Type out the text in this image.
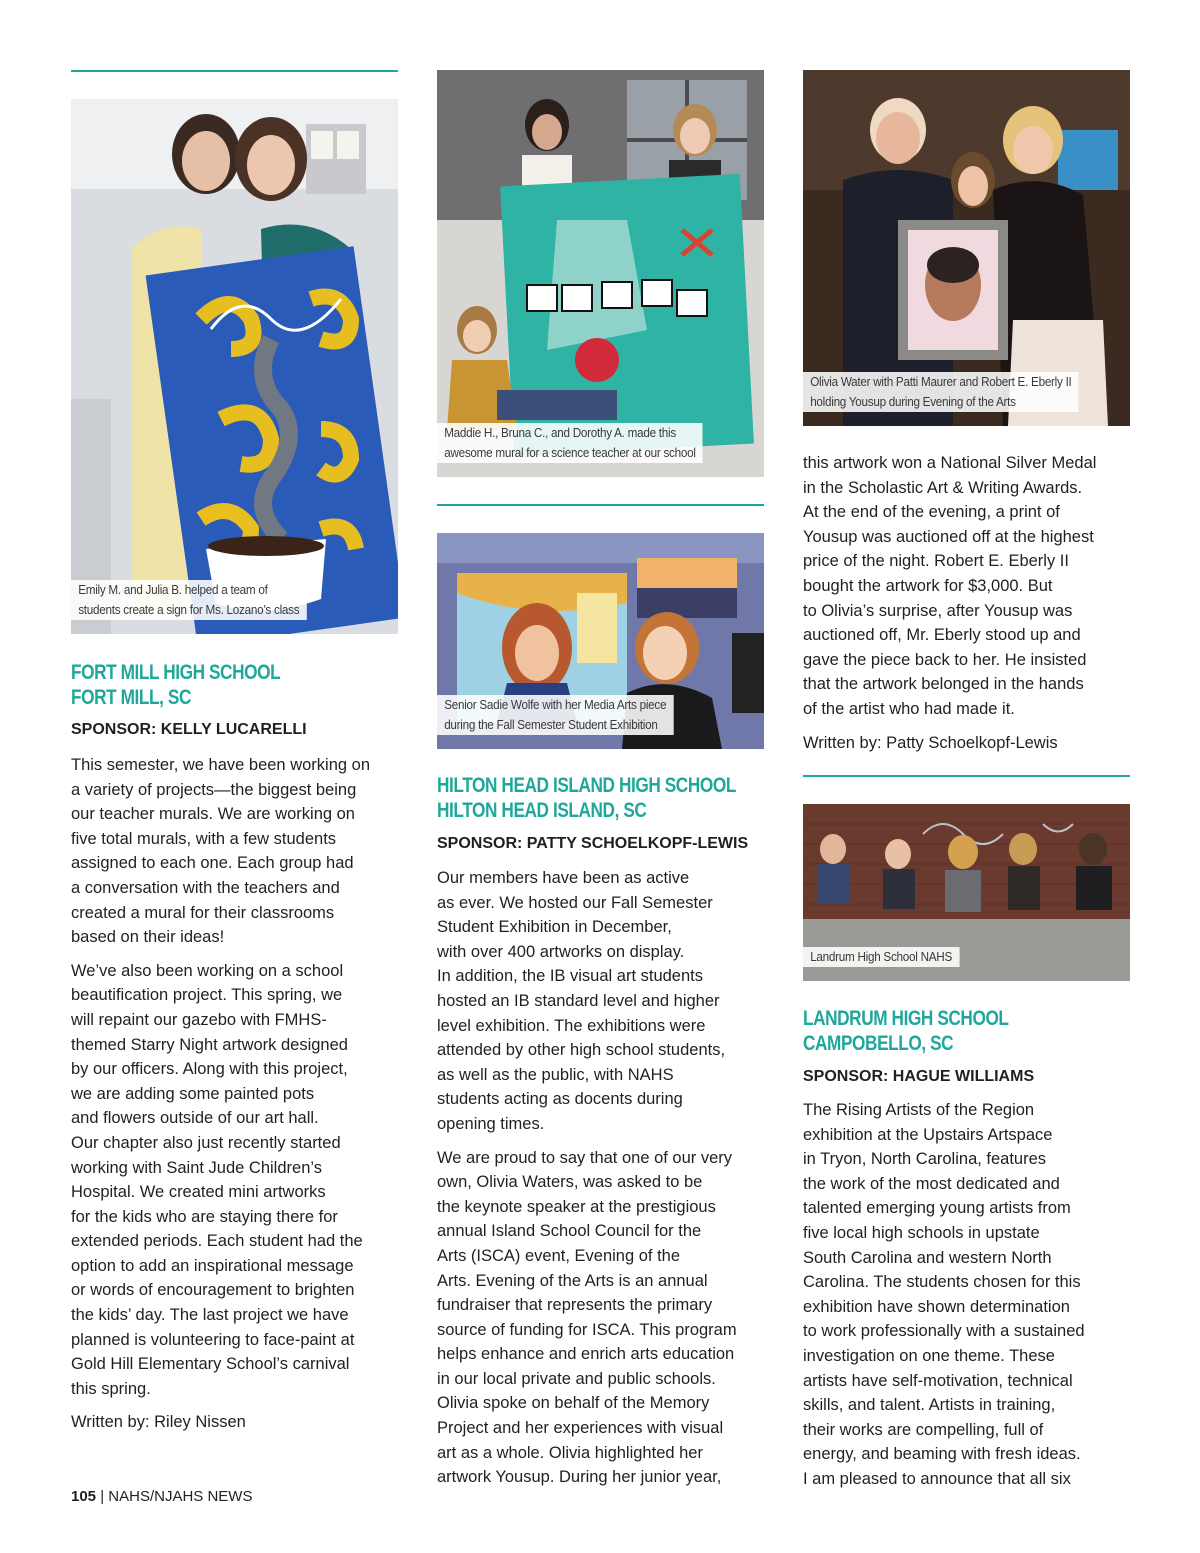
Emily M. and Julia B. helped a team of
students create a sign for Ms. Lozano’s class
FORT MILL HIGH SCHOOL
FORT MILL, SC
SPONSOR: KELLY LUCARELLI

This semester, we have been working on
a variety of projects—the biggest being
our teacher murals. We are working on
five total murals, with a few students
assigned to each one. Each group had
a conversation with the teachers and
created a mural for their classrooms
based on their ideas!

We’ve also been working on a school
beautification project. This spring, we
will repaint our gazebo with FMHS-
themed Starry Night artwork designed
by our officers. Along with this project,
we are adding some painted pots
and flowers outside of our art hall.
Our chapter also just recently started
working with Saint Jude Children’s
Hospital. We created mini artworks
for the kids who are staying there for
extended periods. Each student had the
option to add an inspirational message
or words of encouragement to brighten
the kids’ day. The last project we have
planned is volunteering to face-paint at
Gold Hill Elementary School’s carnival
this spring.

Written by: Riley Nissen

Maddie H., Bruna C., and Dorothy A. made this
awesome mural for a science teacher at our school
Senior Sadie Wolfe with her Media Arts piece
during the Fall Semester Student Exhibition
HILTON HEAD ISLAND HIGH SCHOOL
HILTON HEAD ISLAND, SC
SPONSOR: PATTY SCHOELKOPF-LEWIS

Our members have been as active
as ever. We hosted our Fall Semester
Student Exhibition in December,
with over 400 artworks on display.
In addition, the IB visual art students
hosted an IB standard level and higher
level exhibition. The exhibitions were
attended by other high school students,
as well as the public, with NAHS
students acting as docents during
opening times.

We are proud to say that one of our very
own, Olivia Waters, was asked to be
the keynote speaker at the prestigious
annual Island School Council for the
Arts (ISCA) event, Evening of the
Arts. Evening of the Arts is an annual
fundraiser that represents the primary
source of funding for ISCA. This program
helps enhance and enrich arts education
in our local private and public schools.
Olivia spoke on behalf of the Memory
Project and her experiences with visual
art as a whole. Olivia highlighted her
artwork Yousup. During her junior year,

Olivia Water with Patti Maurer and Robert E. Eberly II
holding Yousup during Evening of the Arts

this artwork won a National Silver Medal
in the Scholastic Art & Writing Awards.
At the end of the evening, a print of
Yousup was auctioned off at the highest
price of the night. Robert E. Eberly II
bought the artwork for $3,000. But
to Olivia’s surprise, after Yousup was
auctioned off, Mr. Eberly stood up and
gave the piece back to her. He insisted
that the artwork belonged in the hands
of the artist who had made it.

Written by: Patty Schoelkopf-Lewis

Landrum High School NAHS
LANDRUM HIGH SCHOOL
CAMPOBELLO, SC
SPONSOR: HAGUE WILLIAMS

The Rising Artists of the Region
exhibition at the Upstairs Artspace
in Tryon, North Carolina, features
the work of the most dedicated and
talented emerging young artists from
five local high schools in upstate
South Carolina and western North
Carolina. The students chosen for this
exhibition have shown determination
to work professionally with a sustained
investigation on one theme. These
artists have self-motivation, technical
skills, and talent. Artists in training,
their works are compelling, full of
energy, and beaming with fresh ideas.
I am pleased to announce that all six

105 | NAHS/NJAHS NEWS
